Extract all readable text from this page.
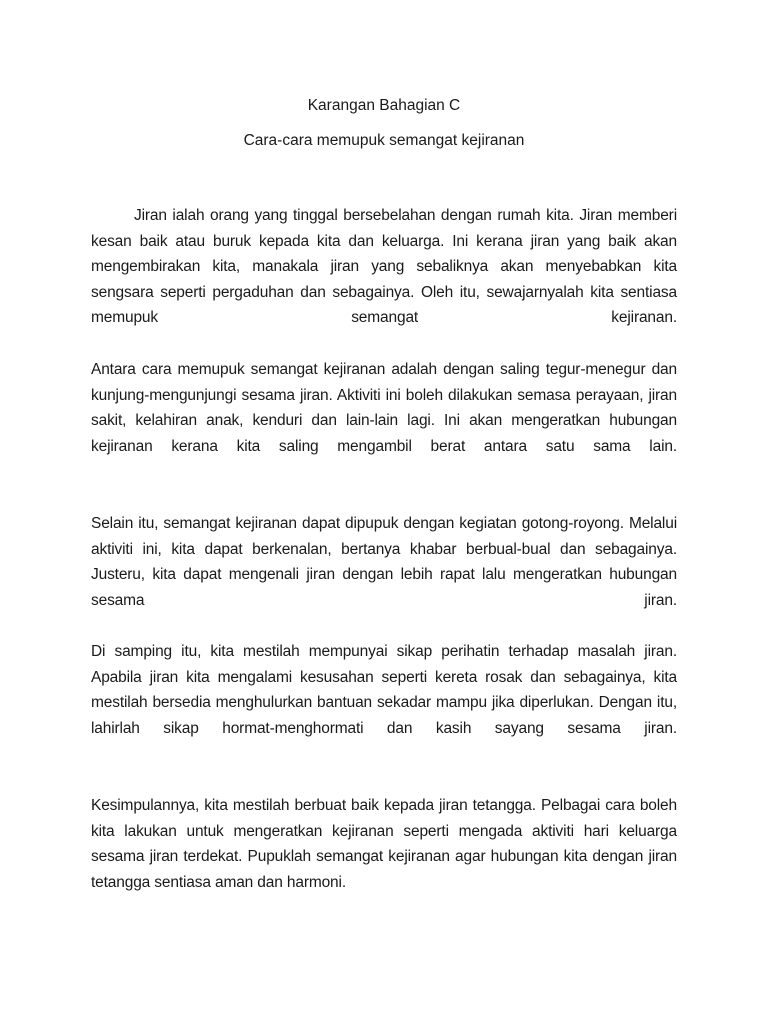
Karangan Bahagian C
Cara-cara memupuk semangat kejiranan

Jiran ialah orang yang tinggal bersebelahan dengan rumah kita. Jiran memberi kesan baik atau buruk kepada kita dan keluarga. Ini kerana jiran yang baik akan mengembirakan kita, manakala jiran yang sebaliknya akan menyebabkan kita sengsara seperti pergaduhan dan sebagainya. Oleh itu, sewajarnyalah kita sentiasa memupuk semangat kejiranan.

Antara cara memupuk semangat kejiranan adalah dengan saling tegur-menegur dan kunjung-mengunjungi sesama jiran. Aktiviti ini boleh dilakukan semasa perayaan, jiran sakit, kelahiran anak, kenduri dan lain-lain lagi. Ini akan mengeratkan hubungan kejiranan kerana kita saling mengambil berat antara satu sama lain.

Selain itu, semangat kejiranan dapat dipupuk dengan kegiatan gotong-royong. Melalui aktiviti ini, kita dapat berkenalan, bertanya khabar berbual-bual dan sebagainya. Justeru, kita dapat mengenali jiran dengan lebih rapat lalu mengeratkan hubungan sesama jiran.

Di samping itu, kita mestilah mempunyai sikap perihatin terhadap masalah jiran. Apabila jiran kita mengalami kesusahan seperti kereta rosak dan sebagainya, kita mestilah bersedia menghulurkan bantuan sekadar mampu jika diperlukan. Dengan itu, lahirlah sikap hormat-menghormati dan kasih sayang sesama jiran.

Kesimpulannya, kita mestilah berbuat baik kepada jiran tetangga. Pelbagai cara boleh kita lakukan untuk mengeratkan kejiranan seperti mengada aktiviti hari keluarga sesama jiran terdekat. Pupuklah semangat kejiranan agar hubungan kita dengan jiran tetangga sentiasa aman dan harmoni.
